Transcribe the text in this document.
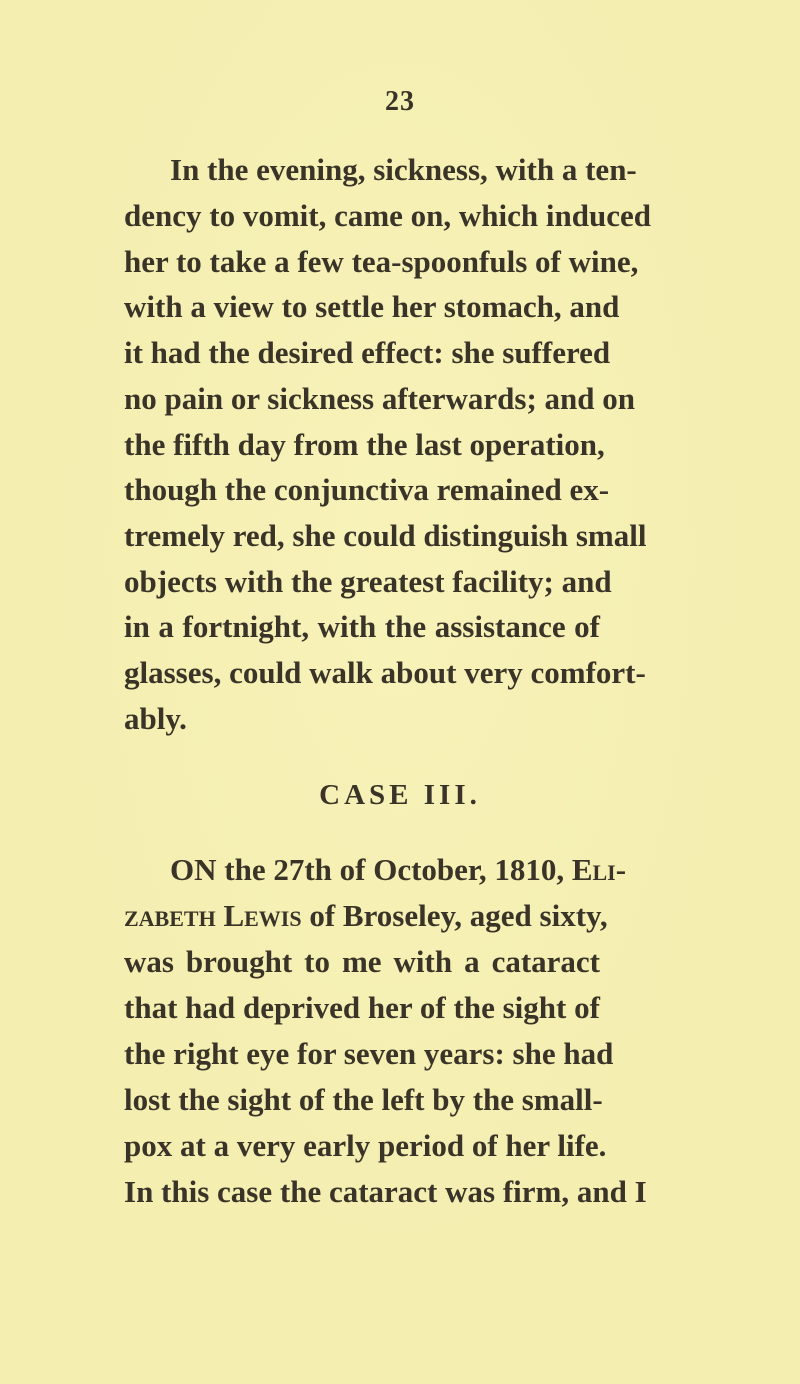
23
In the evening, sickness, with a ten-
dency to vomit, came on, which induced
her to take a few tea-spoonfuls of wine,
with a view to settle her stomach, and
it had the desired effect: she suffered
no pain or sickness afterwards; and on
the fifth day from the last operation,
though the conjunctiva remained ex-
tremely red, she could distinguish small
objects with the greatest facility; and
in a fortnight, with the assistance of
glasses, could walk about very comfort-
ably.
CASE III.
ON the 27th of October, 1810, Eli-
zabeth Lewis of Broseley, aged sixty,
was brought to me with a cataract
that had deprived her of the sight of
the right eye for seven years: she had
lost the sight of the left by the small-
pox at a very early period of her life.
In this case the cataract was firm, and I
